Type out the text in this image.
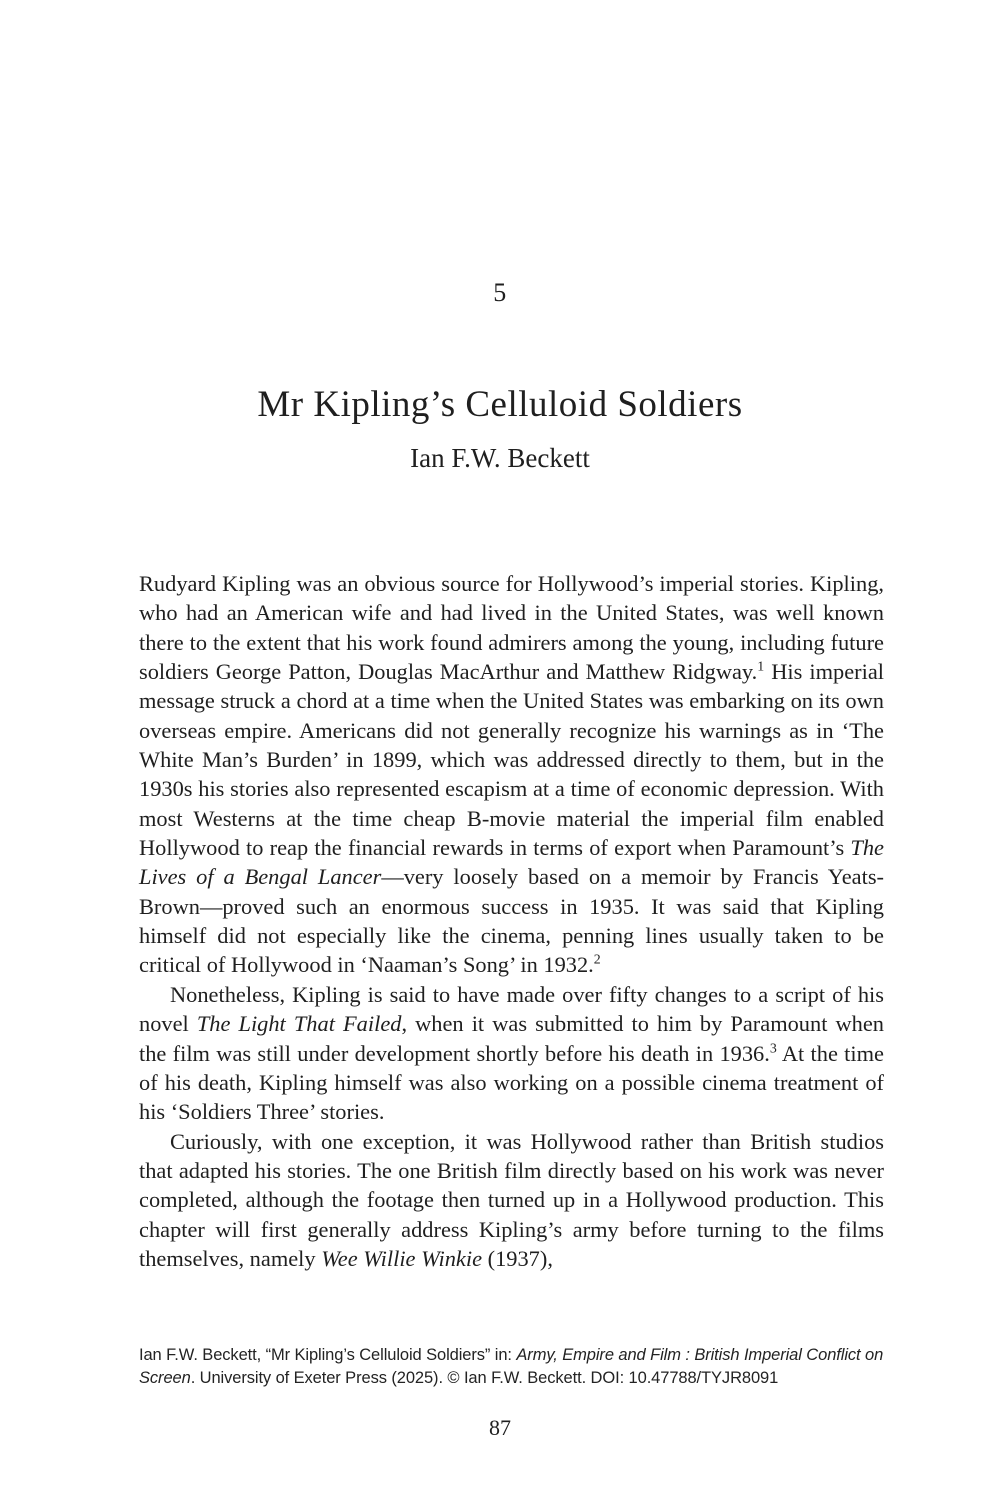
5
Mr Kipling’s Celluloid Soldiers
Ian F.W. Beckett

Rudyard Kipling was an obvious source for Hollywood’s imperial stories. Kipling, who had an American wife and had lived in the United States, was well known there to the extent that his work found admirers among the young, including future soldiers George Patton, Douglas MacArthur and Matthew Ridgway.$^1$ His imperial message struck a chord at a time when the United States was embarking on its own overseas empire. Americans did not generally recognize his warnings as in ‘The White Man’s Burden’ in 1899, which was addressed directly to them, but in the 1930s his stories also represented escapism at a time of economic depression. With most Westerns at the time cheap B-movie material the imperial film enabled Hollywood to reap the financial rewards in terms of export when Paramount’s The Lives of a Bengal Lancer—very loosely based on a memoir by Francis Yeats-Brown—proved such an enormous success in 1935. It was said that Kipling himself did not especially like the cinema, penning lines usually taken to be critical of Hollywood in ‘Naaman’s Song’ in 1932.$^2$

Nonetheless, Kipling is said to have made over fifty changes to a script of his novel The Light That Failed, when it was submitted to him by Paramount when the film was still under development shortly before his death in 1936.$^3$ At the time of his death, Kipling himself was also working on a possible cinema treatment of his ‘Soldiers Three’ stories.

Curiously, with one exception, it was Hollywood rather than British studios that adapted his stories. The one British film directly based on his work was never completed, although the footage then turned up in a Hollywood production. This chapter will first generally address Kipling’s army before turning to the films themselves, namely Wee Willie Winkie (1937),

Ian F.W. Beckett, “Mr Kipling’s Celluloid Soldiers” in: Army, Empire and Film : British Imperial Conflict on Screen. University of Exeter Press (2025). © Ian F.W. Beckett. DOI: 10.47788/TYJR8091
87
